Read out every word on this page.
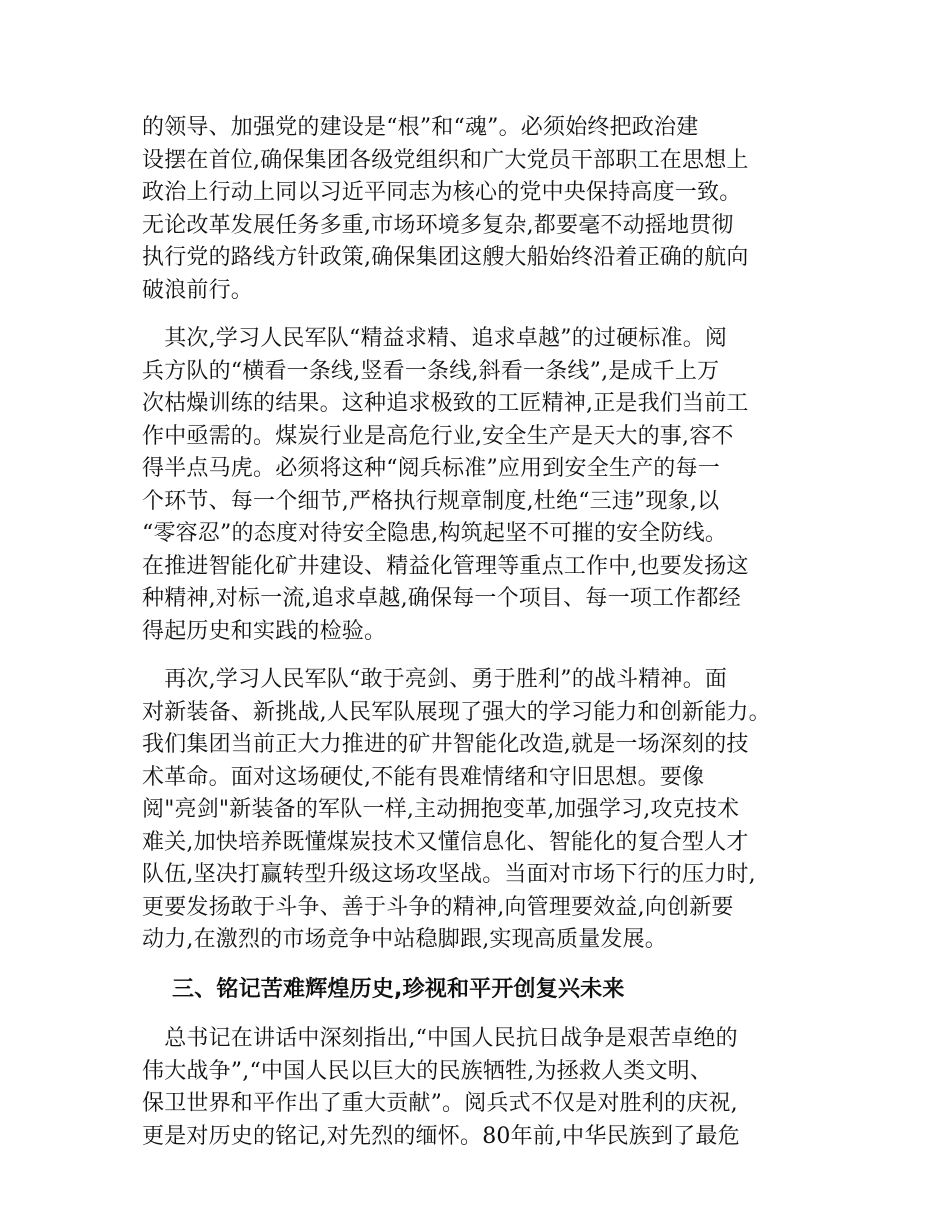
的领导、加强党的建设是“根”和“魂”。必须始终把政治建
设摆在首位,确保集团各级党组织和广大党员干部职工在思想上
政治上行动上同以习近平同志为核心的党中央保持高度一致。
无论改革发展任务多重,市场环境多复杂,都要毫不动摇地贯彻
执行党的路线方针政策,确保集团这艘大船始终沿着正确的航向
破浪前行。
　其次,学习人民军队“精益求精、追求卓越”的过硬标准。阅
兵方队的“横看一条线,竖看一条线,斜看一条线”,是成千上万
次枯燥训练的结果。这种追求极致的工匠精神,正是我们当前工
作中亟需的。煤炭行业是高危行业,安全生产是天大的事,容不
得半点马虎。必须将这种“阅兵标准”应用到安全生产的每一
个环节、每一个细节,严格执行规章制度,杜绝“三违”现象,以
“零容忍”的态度对待安全隐患,构筑起坚不可摧的安全防线。
在推进智能化矿井建设、精益化管理等重点工作中,也要发扬这
种精神,对标一流,追求卓越,确保每一个项目、每一项工作都经
得起历史和实践的检验。
　再次,学习人民军队“敢于亮剑、勇于胜利”的战斗精神。面
对新装备、新挑战,人民军队展现了强大的学习能力和创新能力。
我们集团当前正大力推进的矿井智能化改造,就是一场深刻的技
术革命。面对这场硬仗,不能有畏难情绪和守旧思想。要像
阅"亮剑"新装备的军队一样,主动拥抱变革,加强学习,攻克技术
难关,加快培养既懂煤炭技术又懂信息化、智能化的复合型人才
队伍,坚决打赢转型升级这场攻坚战。当面对市场下行的压力时,
更要发扬敢于斗争、善于斗争的精神,向管理要效益,向创新要
动力,在激烈的市场竞争中站稳脚跟,实现高质量发展。
三、铭记苦难辉煌历史,珍视和平开创复兴未来
　总书记在讲话中深刻指出,“中国人民抗日战争是艰苦卓绝的
伟大战争”,“中国人民以巨大的民族牺牲,为拯救人类文明、
保卫世界和平作出了重大贡献”。阅兵式不仅是对胜利的庆祝,
更是对历史的铭记,对先烈的缅怀。80年前,中华民族到了最危
